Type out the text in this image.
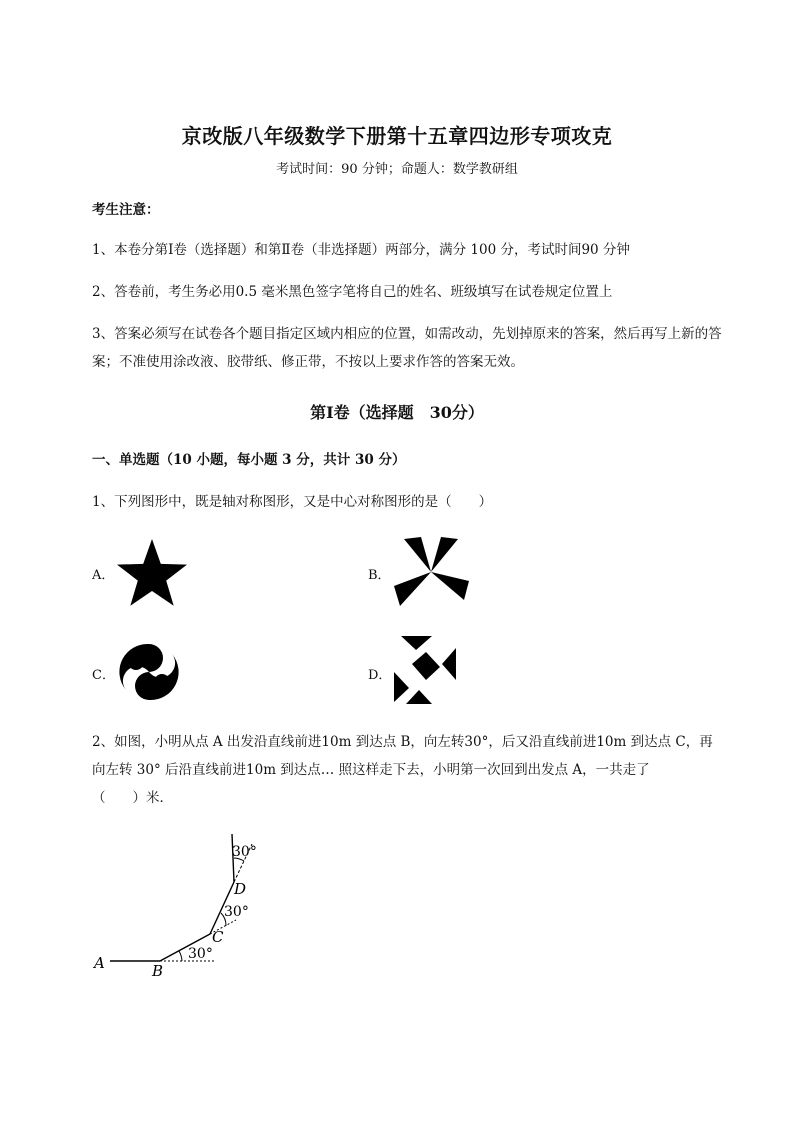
京改版八年级数学下册第十五章四边形专项攻克
考试时间：90 分钟；命题人：数学教研组
考生注意：
1、本卷分第Ⅰ卷（选择题）和第Ⅱ卷（非选择题）两部分，满分 100 分，考试时间90 分钟
2、答卷前，考生务必用0.5 毫米黑色签字笔将自己的姓名、班级填写在试卷规定位置上
3、答案必须写在试卷各个题目指定区域内相应的位置，如需改动，先划掉原来的答案，然后再写上新的答案；不准使用涂改液、胶带纸、修正带，不按以上要求作答的答案无效。
第Ⅰ卷（选择题　30分）
一、单选题（10 小题，每小题 3 分，共计 30 分）
1、下列图形中，既是轴对称图形，又是中心对称图形的是（　　）
A．	B．
C．	D．
2、如图，小明从点 A 出发沿直线前进10m 到达点 B，向左转30°，后又沿直线前进10m 到达点 C，再
向左转 30° 后沿直线前进10m 到达点… 照这样走下去，小明第一次回到出发点 A，一共走了
（　　）米．
A	B
C
D
30°
30°
30°
